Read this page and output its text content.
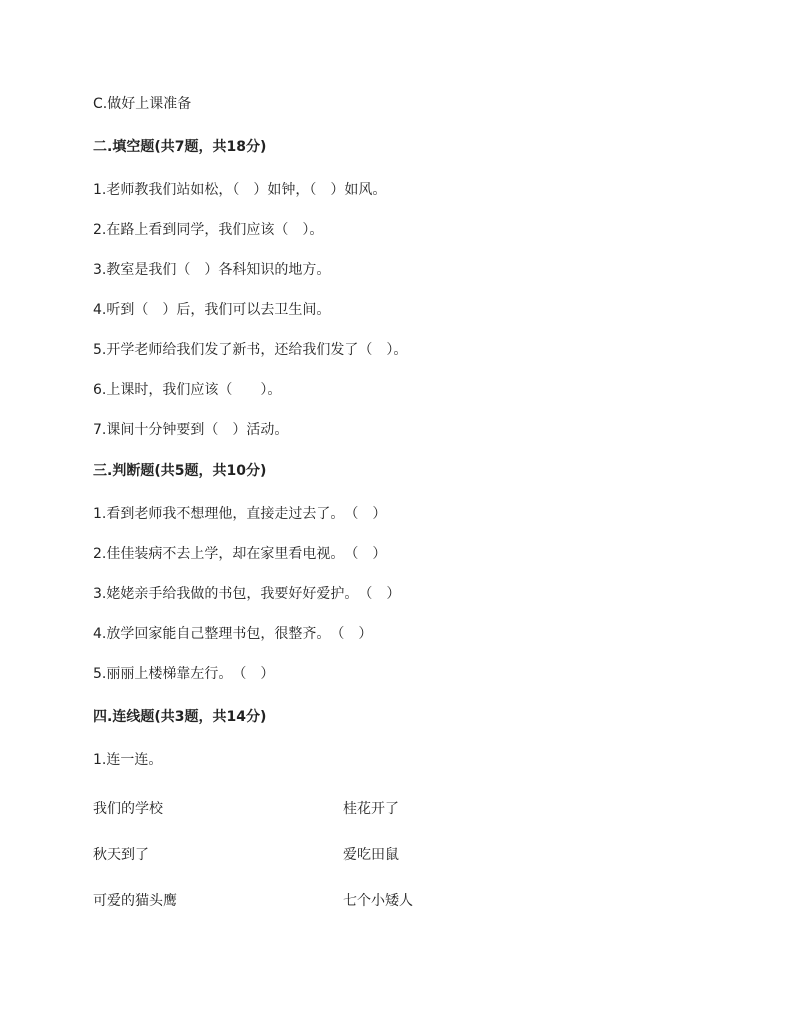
C.做好上课准备
二.填空题(共7题，共18分)
1.老师教我们站如松，（　）如钟，（　）如风。
2.在路上看到同学，我们应该（　）。
3.教室是我们（　）各科知识的地方。
4.听到（　）后，我们可以去卫生间。
5.开学老师给我们发了新书，还给我们发了（　）。
6.上课时，我们应该（　　）。
7.课间十分钟要到（　）活动。
三.判断题(共5题，共10分)
1.看到老师我不想理他，直接走过去了。　（　）
2.佳佳装病不去上学，却在家里看电视。　（　）
3.姥姥亲手给我做的书包，我要好好爱护。　（　）
4.放学回家能自己整理书包，很整齐。　（　）
5.丽丽上楼梯靠左行。　（　）
四.连线题(共3题，共14分)
1.连一连。
我们的学校	桂花开了
秋天到了	爱吃田鼠
可爱的猫头鹰	七个小矮人
